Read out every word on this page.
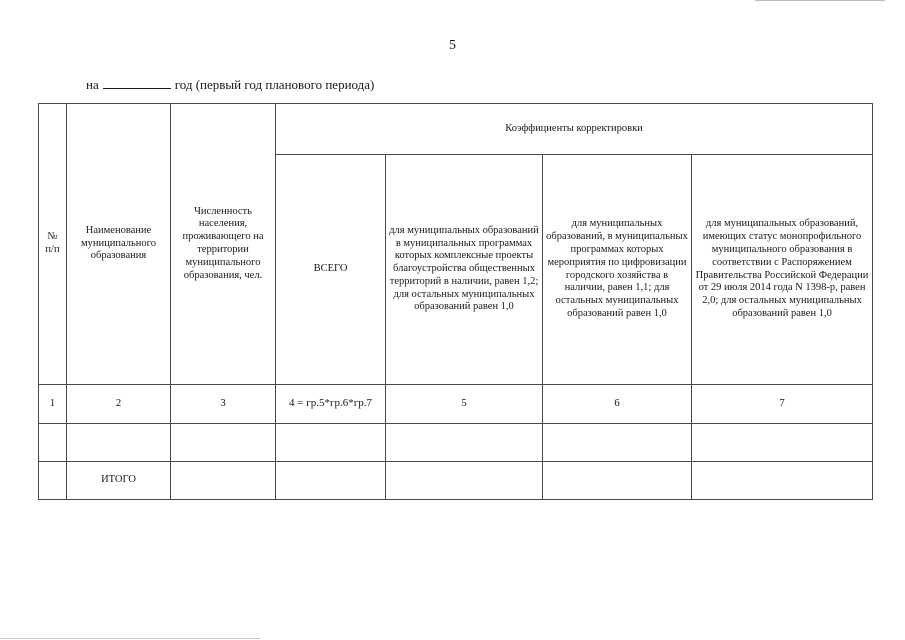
5
на	год (первый год планового периода)
№ п/п	Наименование муниципального образования	Численность населения, проживающего на территории муниципального образования, чел.	Коэффициенты корректировки			
			ВСЕГО	для муниципальных образований в муниципальных программах которых комплексные проекты благоустройства общественных территорий в наличии, равен 1,2; для остальных муниципальных образований равен 1,0	для муниципальных образований, в муниципальных программах которых мероприятия по цифровизации городского хозяйства в наличии, равен 1,1; для остальных муниципальных образований равен 1,0	для муниципальных образований, имеющих статус монопрофильного муниципального образования в соответствии с Распоряжением Правительства Российской Федерации от 29 июля 2014 года N 1398-р, равен 2,0; для остальных муниципальных образований равен 1,0
1	2	3	4 = гр.5*гр.6*гр.7	5	6	7

	ИТОГО					
